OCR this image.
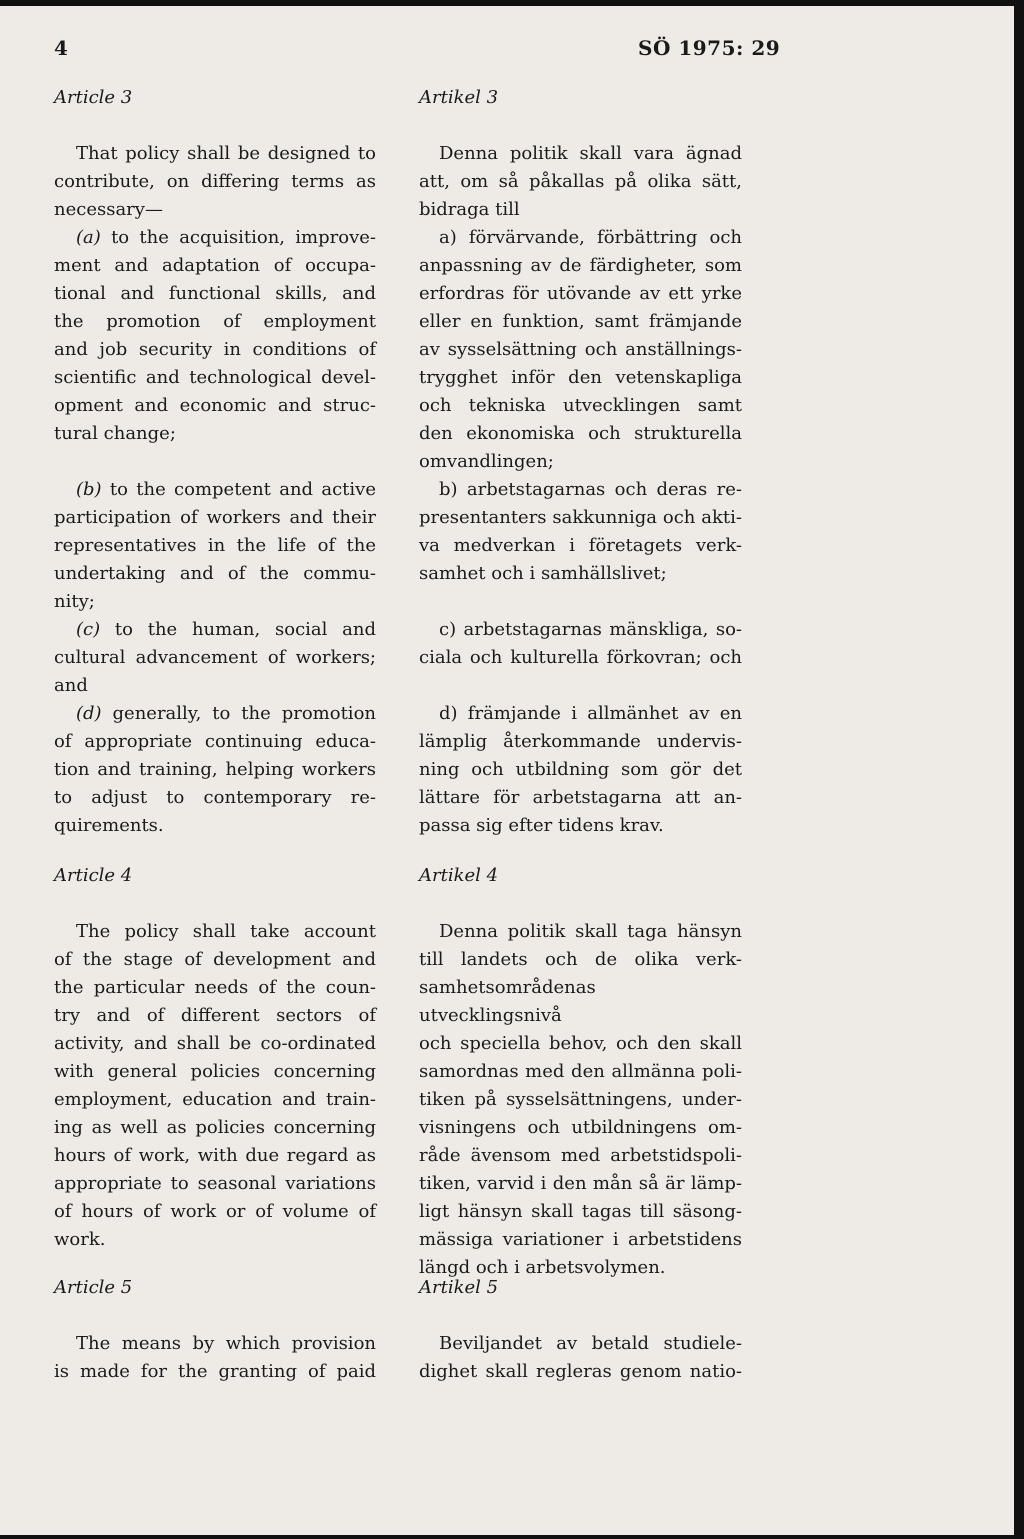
4	SÖ 1975: 29
Article 3
That policy shall be designed to
contribute, on differing terms as
necessary—
(a) to the acquisition, improve-
ment and adaptation of occupa-
tional and functional skills, and
the promotion of employment
and job security in conditions of
scientific and technological devel-
opment and economic and struc-
tural change;
(b) to the competent and active
participation of workers and their
representatives in the life of the
undertaking and of the commu-
nity;
(c) to the human, social and
cultural advancement of workers;
and
(d) generally, to the promotion
of appropriate continuing educa-
tion and training, helping workers
to adjust to contemporary re-
quirements.
Article 4
The policy shall take account
of the stage of development and
the particular needs of the coun-
try and of different sectors of
activity, and shall be co-ordinated
with general policies concerning
employment, education and train-
ing as well as policies concerning
hours of work, with due regard as
appropriate to seasonal variations
of hours of work or of volume of
work.
Article 5
The means by which provision
is made for the granting of paid
Artikel 3
Denna politik skall vara ägnad
att, om så påkallas på olika sätt,
bidraga till
a) förvärvande, förbättring och
anpassning av de färdigheter, som
erfordras för utövande av ett yrke
eller en funktion, samt främjande
av sysselsättning och anställnings-
trygghet inför den vetenskapliga
och tekniska utvecklingen samt
den ekonomiska och strukturella
omvandlingen;
b) arbetstagarnas och deras re-
presentanters sakkunniga och akti-
va medverkan i företagets verk-
samhet och i samhällslivet;
c) arbetstagarnas mänskliga, so-
ciala och kulturella förkovran; och
d) främjande i allmänhet av en
lämplig återkommande undervis-
ning och utbildning som gör det
lättare för arbetstagarna att an-
passa sig efter tidens krav.
Artikel 4
Denna politik skall taga hänsyn
till landets och de olika verk-
samhetsområdenas utvecklingsnivå
och speciella behov, och den skall
samordnas med den allmänna poli-
tiken på sysselsättningens, under-
visningens och utbildningens om-
råde ävensom med arbetstidspoli-
tiken, varvid i den mån så är lämp-
ligt hänsyn skall tagas till säsong-
mässiga variationer i arbetstidens
längd och i arbetsvolymen.
Artikel 5
Beviljandet av betald studiele-
dighet skall regleras genom natio-
